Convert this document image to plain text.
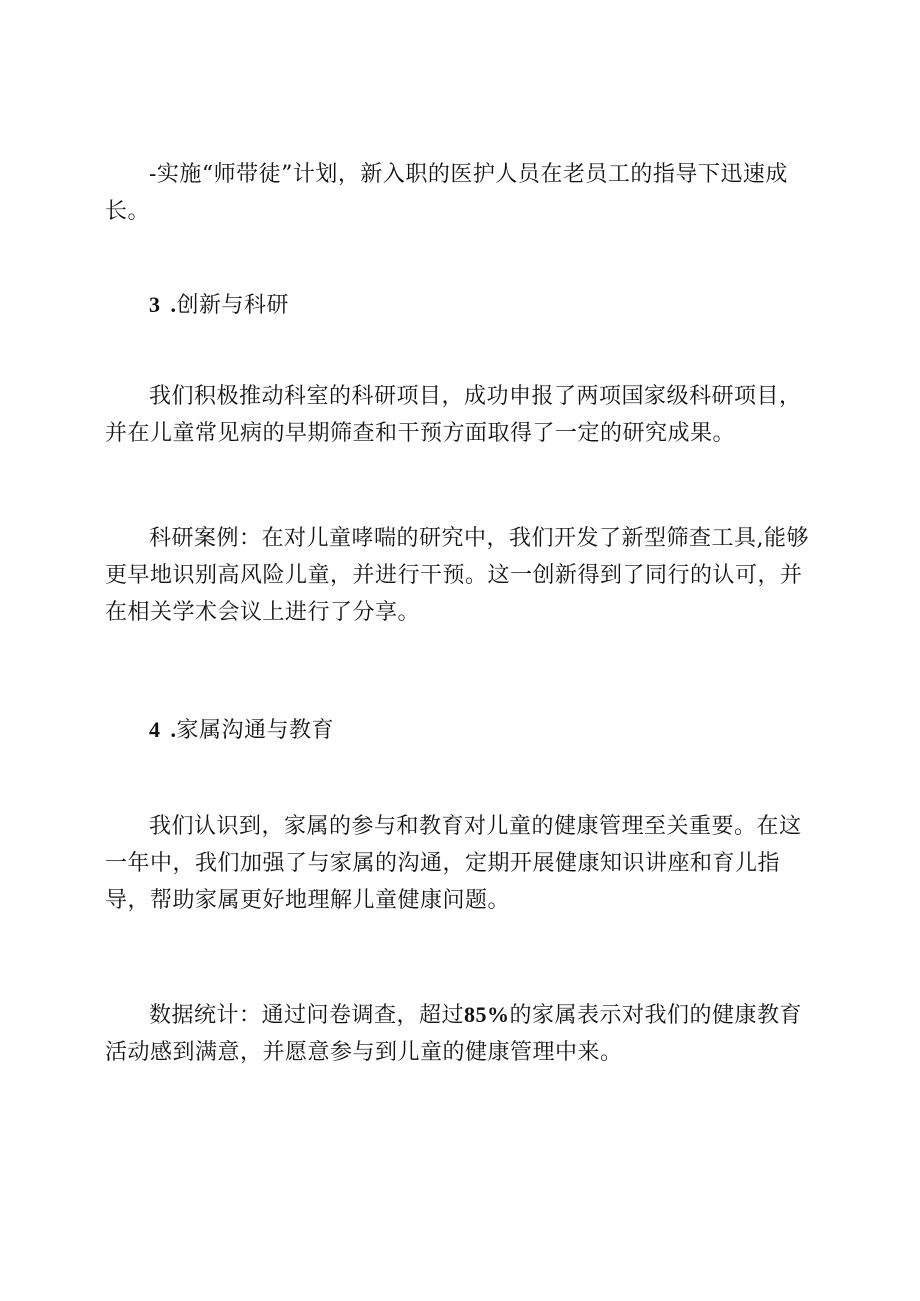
-实施“师带徒”计划，新入职的医护人员在老员工的指导下迅速成长。

3 .创新与科研

我们积极推动科室的科研项目，成功申报了两项国家级科研项目，并在儿童常见病的早期筛查和干预方面取得了一定的研究成果。

科研案例：在对儿童哮喘的研究中，我们开发了新型筛查工具,能够更早地识别高风险儿童，并进行干预。这一创新得到了同行的认可，并在相关学术会议上进行了分享。

4 .家属沟通与教育

我们认识到，家属的参与和教育对儿童的健康管理至关重要。在这一年中，我们加强了与家属的沟通，定期开展健康知识讲座和育儿指导，帮助家属更好地理解儿童健康问题。

数据统计：通过问卷调查，超过85%的家属表示对我们的健康教育活动感到满意，并愿意参与到儿童的健康管理中来。
